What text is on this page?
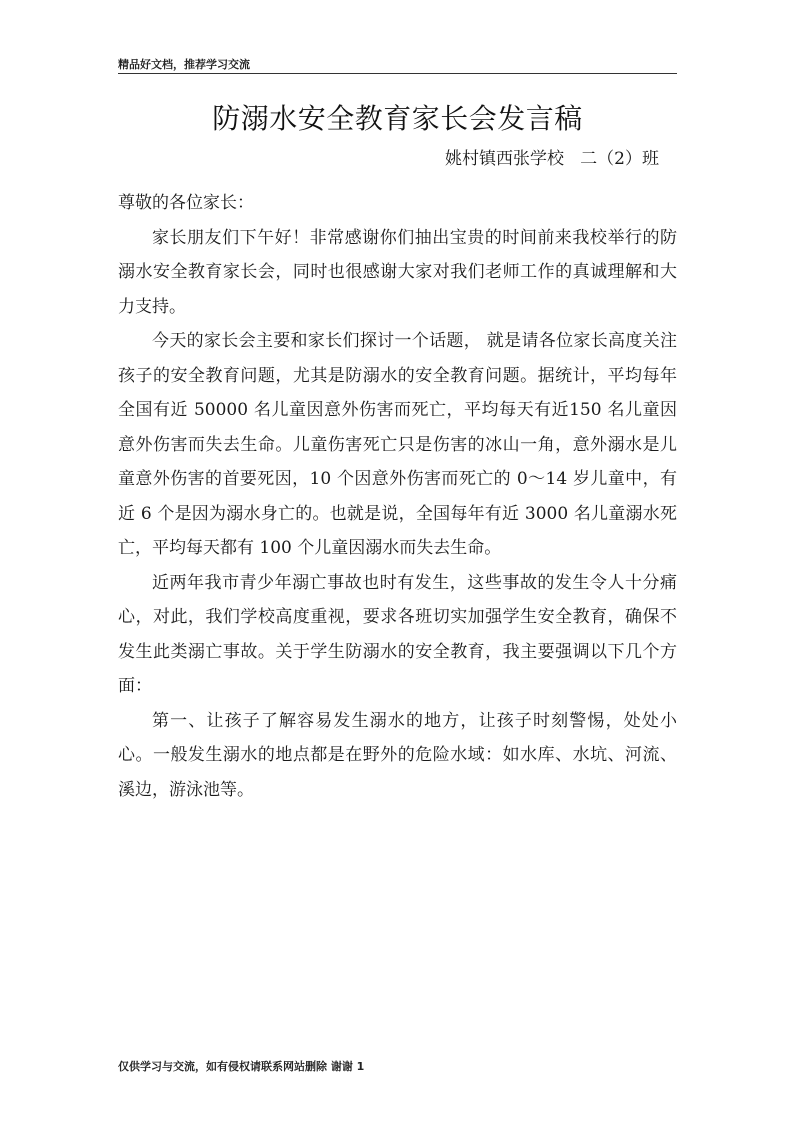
精品好文档，推荐学习交流
防溺水安全教育家长会发言稿
姚村镇西张学校   二（2）班

尊敬的各位家长：

家长朋友们下午好！非常感谢你们抽出宝贵的时间前来我校举行的防溺水安全教育家长会，同时也很感谢大家对我们老师工作的真诚理解和大力支持。

今天的家长会主要和家长们探讨一个话题， 就是请各位家长高度关注孩子的安全教育问题，尤其是防溺水的安全教育问题。据统计，平均每年全国有近 50000 名儿童因意外伤害而死亡，平均每天有近150 名儿童因意外伤害而失去生命。儿童伤害死亡只是伤害的冰山一角，意外溺水是儿童意外伤害的首要死因，10 个因意外伤害而死亡的 0～14 岁儿童中，有近 6 个是因为溺水身亡的。也就是说，全国每年有近 3000 名儿童溺水死亡，平均每天都有 100 个儿童因溺水而失去生命。

近两年我市青少年溺亡事故也时有发生，这些事故的发生令人十分痛心，对此，我们学校高度重视，要求各班切实加强学生安全教育，确保不发生此类溺亡事故。关于学生防溺水的安全教育，我主要强调以下几个方面：

第一、让孩子了解容易发生溺水的地方，让孩子时刻警惕，处处小心。一般发生溺水的地点都是在野外的危险水域：如水库、水坑、河流、溪边，游泳池等。

仅供学习与交流，如有侵权请联系网站删除 谢谢 1
